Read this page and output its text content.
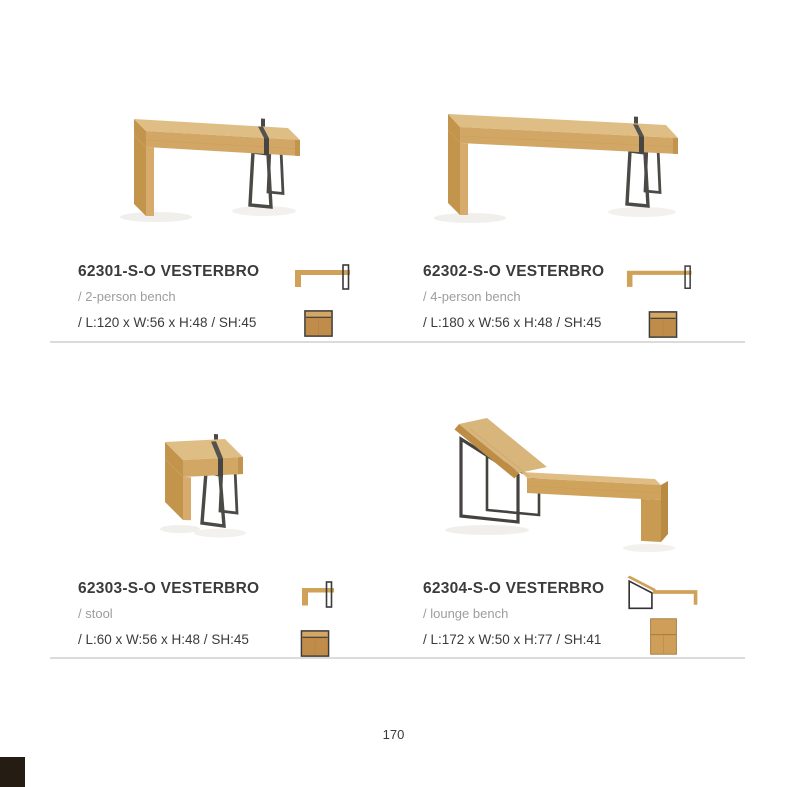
62301-S-O VESTERBRO
/ 2-person bench
/ L:120 x W:56 x H:48 / SH:45
62302-S-O VESTERBRO
/ 4-person bench
/ L:180 x W:56 x H:48 / SH:45
62303-S-O VESTERBRO
/ stool
/ L:60 x W:56 x H:48 / SH:45
62304-S-O VESTERBRO
/ lounge bench
/ L:172 x W:50 x H:77 / SH:41
170
